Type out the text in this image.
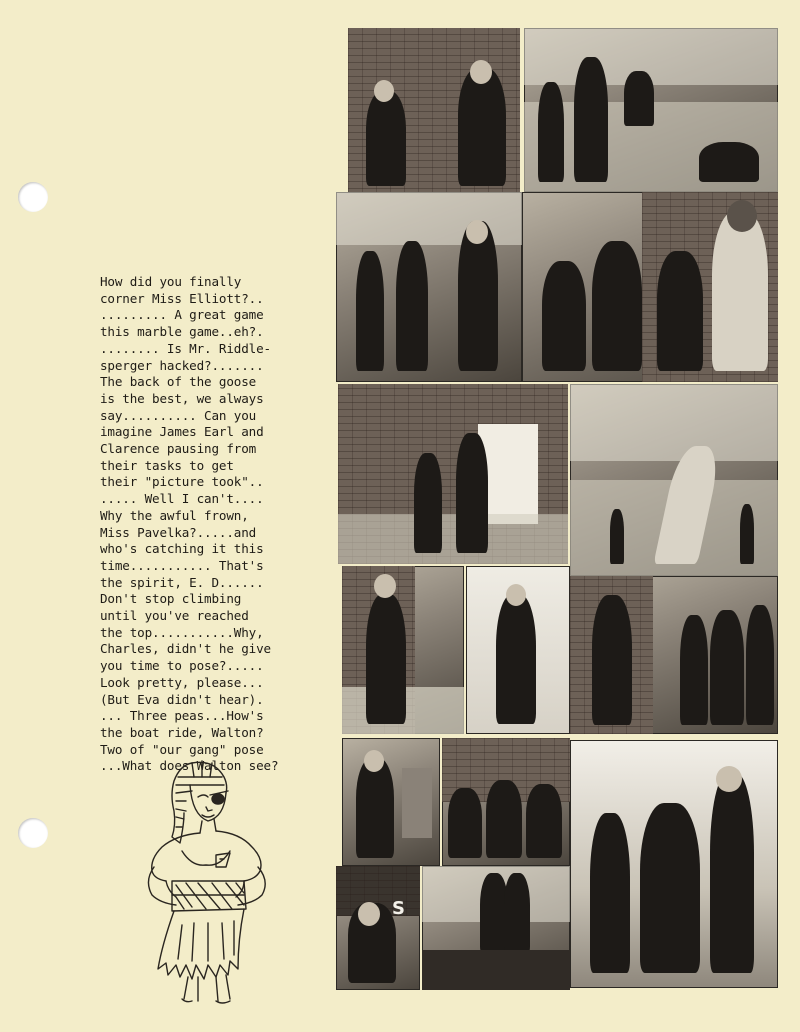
How did you finally
corner Miss Elliott?..
......... A great game
this marble game..eh?.
........ Is Mr. Riddle-
sperger hacked?.......
The back of the goose
is the best, we always
say.......... Can you
imagine James Earl and
Clarence pausing from
their tasks to get
their "picture took"..
..... Well I can't....
Why the awful frown,
Miss Pavelka?.....and
who's catching it this
time........... That's
the spirit, E. D......
Don't stop climbing
until you've reached
the top...........Why,
Charles, didn't he give
you time to pose?.....
Look pretty, please...
(But Eva didn't hear).
... Three peas...How's
the boat ride, Walton?
Two of "our gang" pose
...What does Walton see?
S
